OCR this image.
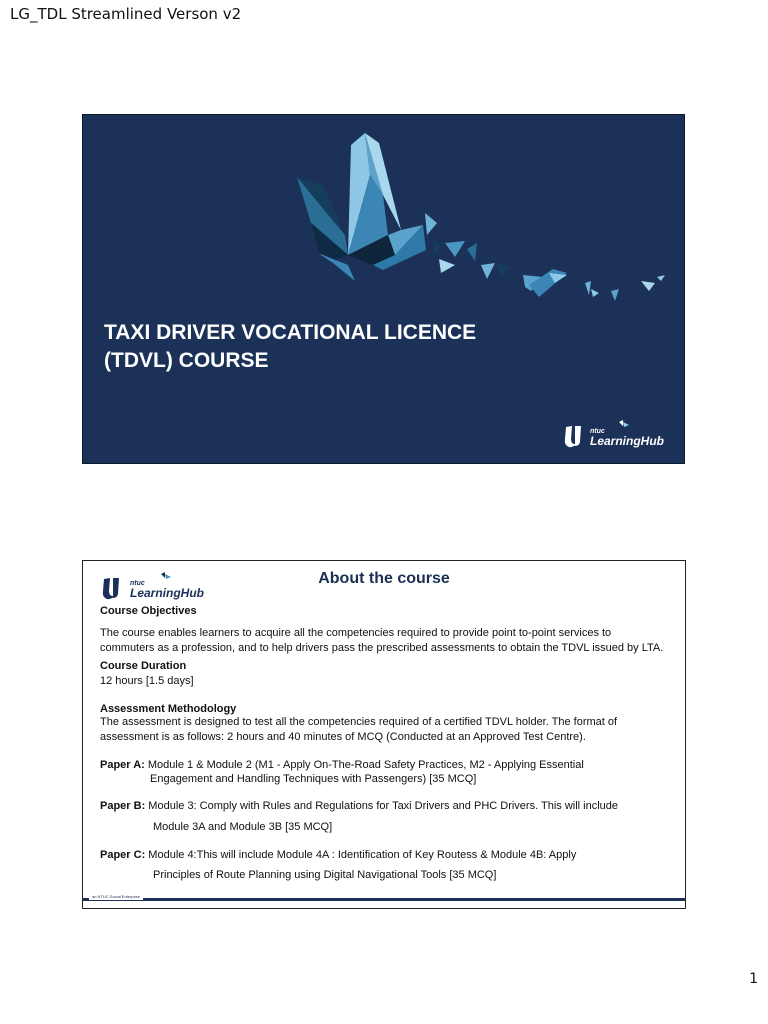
LG_TDL Streamlined Verson v2
TAXI DRIVER VOCATIONAL LICENCE
(TDVL) COURSE
ntuc
LearningHub
ntuc
LearningHub
About the course
Course Objectives
The course enables learners to acquire all the competencies required to provide point to-point services to
commuters as a profession, and to help drivers pass the prescribed assessments to obtain the TDVL issued by LTA.
Course Duration
12 hours [1.5 days]
Assessment Methodology
The assessment is designed to test all the competencies required of a certified TDVL holder. The format of
assessment is as follows: 2 hours and 40 minutes of MCQ (Conducted at an Approved Test Centre).
Paper A: Module 1 & Module 2 (M1 - Apply On-The-Road Safety Practices, M2 - Applying Essential
Engagement and Handling Techniques with Passengers) [35 MCQ]
Paper B: Module 3: Comply with Rules and Regulations for Taxi Drivers and PHC Drivers. This will include
Module 3A and Module 3B [35 MCQ]
Paper C: Module 4:This will include Module 4A : Identification of Key Routess & Module 4B: Apply
Principles of Route Planning using Digital Navigational Tools [35 MCQ]
an NTUC Social Enterprise
1
